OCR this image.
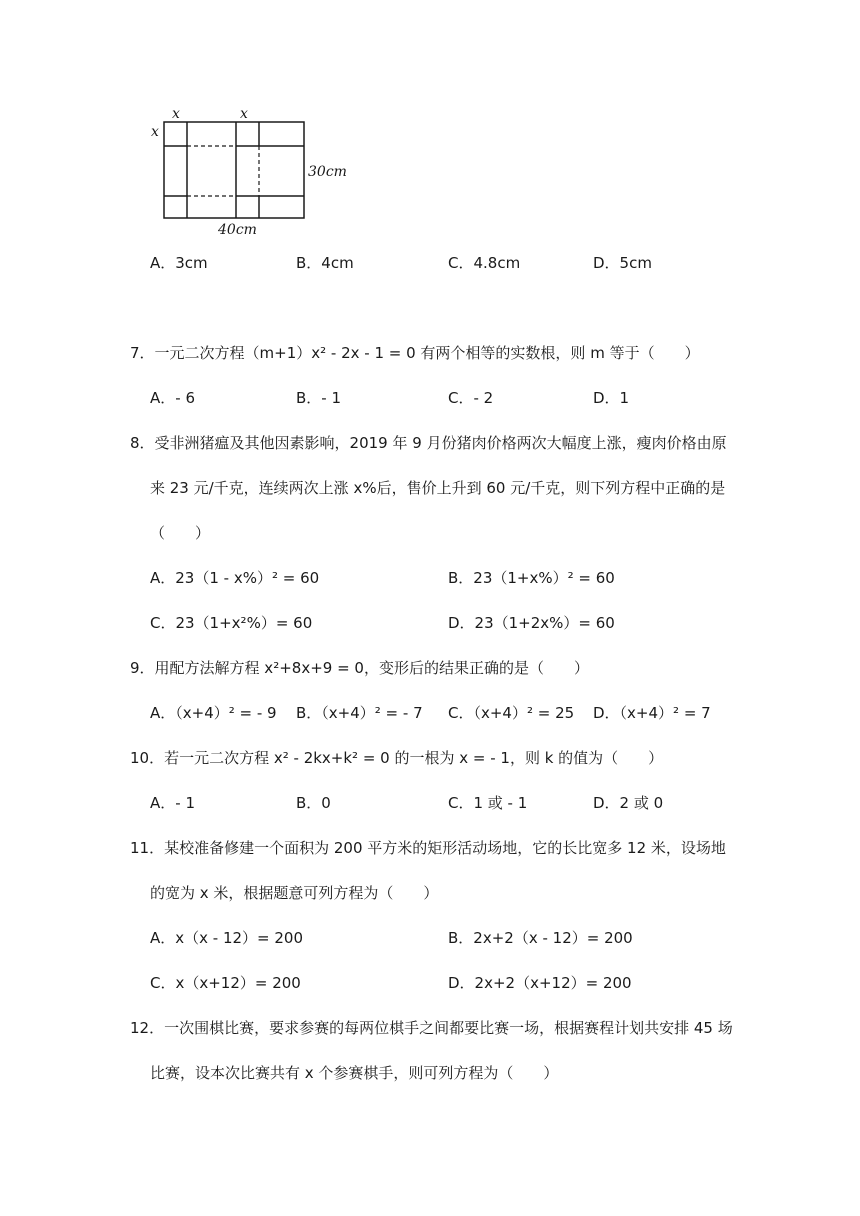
x	x
x
30cm
40cm
A．3cm	B．4cm	C．4.8cm	D．5cm
7．一元二次方程（m+1）x² - 2x - 1 = 0 有两个相等的实数根，则 m 等于（　　）
A．- 6	B．- 1	C．- 2	D．1
8．受非洲猪瘟及其他因素影响，2019 年 9 月份猪肉价格两次大幅度上涨，瘦肉价格由原
来 23 元/千克，连续两次上涨 x%后，售价上升到 60 元/千克，则下列方程中正确的是
（　　）
A．23（1 - x%）² = 60	B．23（1+x%）² = 60
C．23（1+x²%）= 60	D．23（1+2x%）= 60
9．用配方法解方程 x²+8x+9 = 0，变形后的结果正确的是（　　）
A．（x+4）² = - 9 B．（x+4）² = - 7 C．（x+4）² = 25 D．（x+4）² = 7
10．若一元二次方程 x² - 2kx+k² = 0 的一根为 x = - 1，则 k 的值为（　　）
A．- 1	B．0	C．1 或 - 1	D．2 或 0
11．某校准备修建一个面积为 200 平方米的矩形活动场地，它的长比宽多 12 米，设场地
的宽为 x 米，根据题意可列方程为（　　）
A．x（x - 12）= 200	B．2x+2（x - 12）= 200
C．x（x+12）= 200	D．2x+2（x+12）= 200
12．一次围棋比赛，要求参赛的每两位棋手之间都要比赛一场，根据赛程计划共安排 45 场
比赛，设本次比赛共有 x 个参赛棋手，则可列方程为（　　）
